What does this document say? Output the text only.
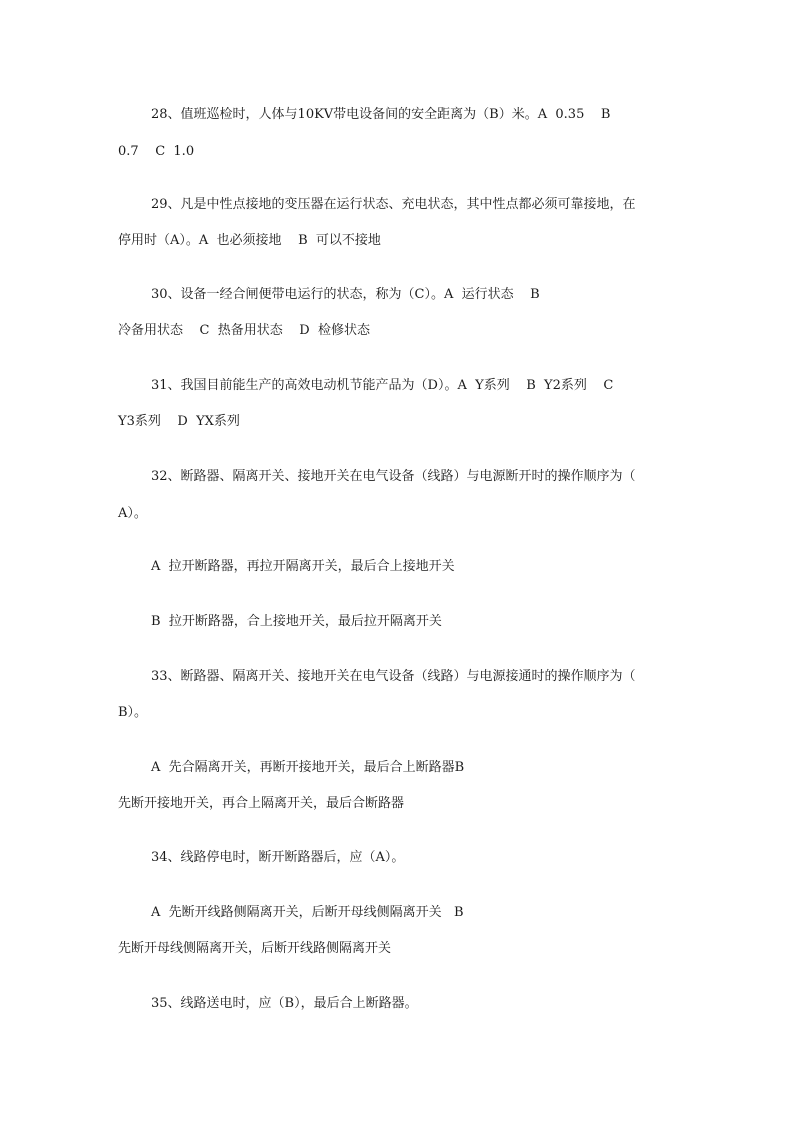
28、值班巡检时，人体与10KV带电设备间的安全距离为（B）米。A  0.35    B
0.7    C  1.0
29、凡是中性点接地的变压器在运行状态、充电状态，其中性点都必须可靠接地，在
停用时（A）。A  也必须接地    B  可以不接地
30、设备一经合闸便带电运行的状态，称为（C）。A  运行状态    B
冷备用状态    C  热备用状态    D  检修状态
31、我国目前能生产的高效电动机节能产品为（D）。A  Y系列    B  Y2系列    C
Y3系列    D  YX系列
32、断路器、隔离开关、接地开关在电气设备（线路）与电源断开时的操作顺序为（
A）。
A  拉开断路器，再拉开隔离开关，最后合上接地开关
B  拉开断路器，合上接地开关，最后拉开隔离开关
33、断路器、隔离开关、接地开关在电气设备（线路）与电源接通时的操作顺序为（
B）。
A  先合隔离开关，再断开接地开关，最后合上断路器B
先断开接地开关，再合上隔离开关，最后合断路器
34、线路停电时，断开断路器后，应（A）。
A  先断开线路侧隔离开关，后断开母线侧隔离开关   B
先断开母线侧隔离开关，后断开线路侧隔离开关
35、线路送电时，应（B），最后合上断路器。
